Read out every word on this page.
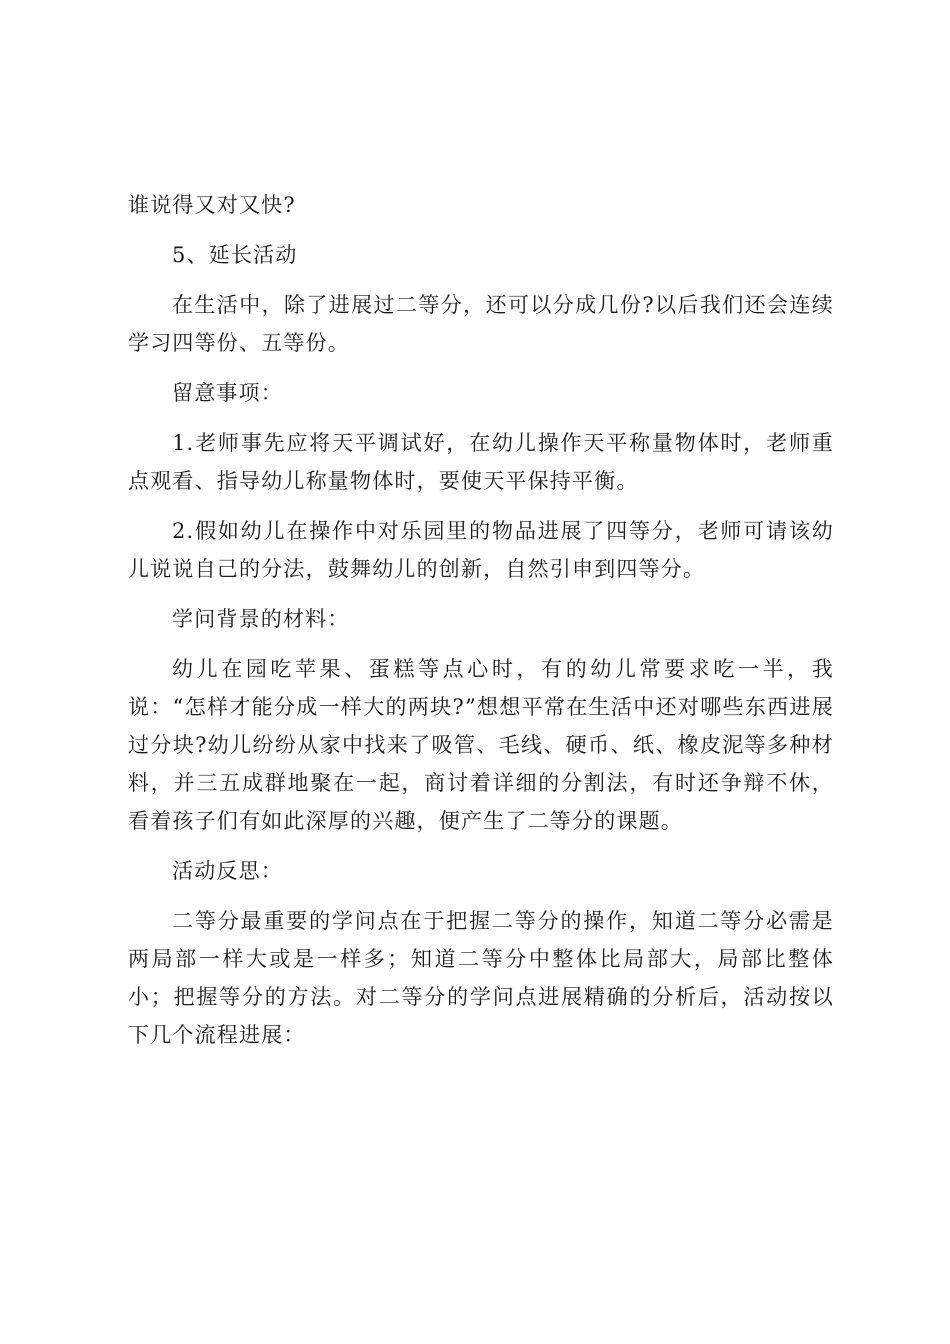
谁说得又对又快?

5、延长活动

在生活中，除了进展过二等分，还可以分成几份?以后我们还会连续学习四等份、五等份。

留意事项：

1.老师事先应将天平调试好，在幼儿操作天平称量物体时，老师重点观看、指导幼儿称量物体时，要使天平保持平衡。

2.假如幼儿在操作中对乐园里的物品进展了四等分，老师可请该幼儿说说自己的分法，鼓舞幼儿的创新，自然引申到四等分。

学问背景的材料：

幼儿在园吃苹果、蛋糕等点心时，有的幼儿常要求吃一半，我说：“怎样才能分成一样大的两块?”想想平常在生活中还对哪些东西进展过分块?幼儿纷纷从家中找来了吸管、毛线、硬币、纸、橡皮泥等多种材料，并三五成群地聚在一起，商讨着详细的分割法，有时还争辩不休，看着孩子们有如此深厚的兴趣，便产生了二等分的课题。

活动反思：

二等分最重要的学问点在于把握二等分的操作，知道二等分必需是两局部一样大或是一样多；知道二等分中整体比局部大，局部比整体小；把握等分的方法。对二等分的学问点进展精确的分析后，活动按以下几个流程进展：
